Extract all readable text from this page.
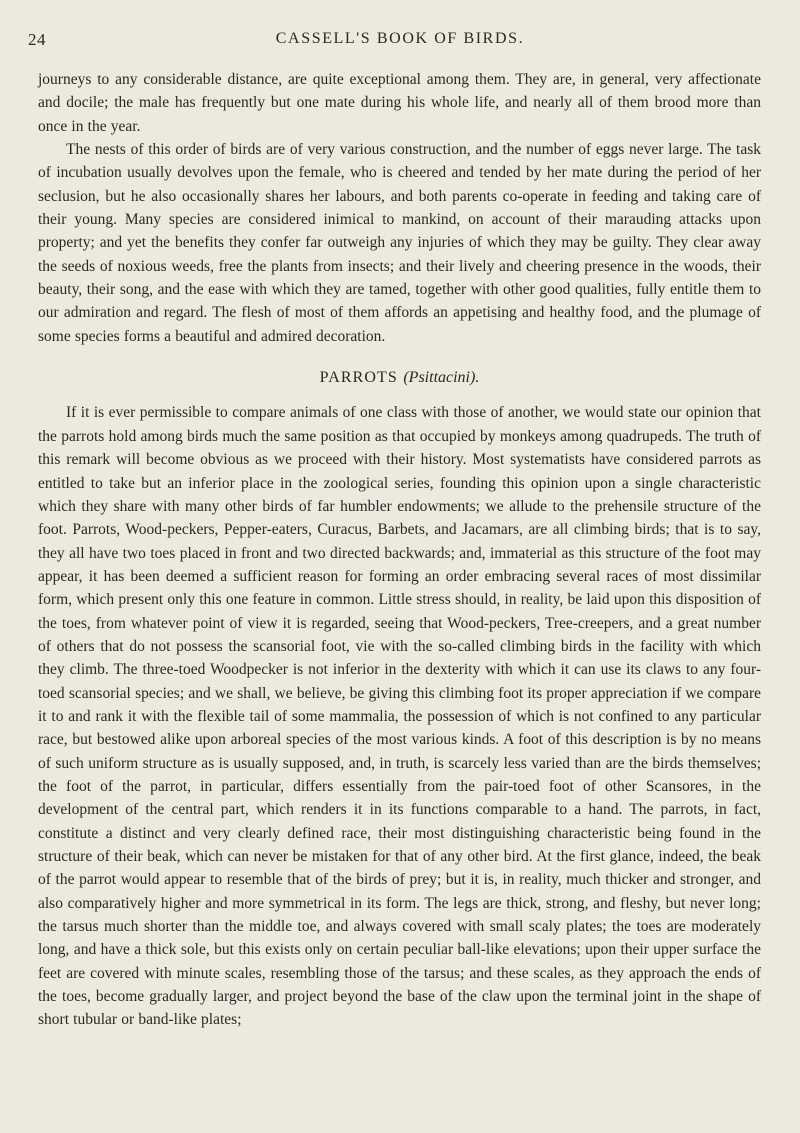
24	CASSELL'S BOOK OF BIRDS.

journeys to any considerable distance, are quite exceptional among them. They are, in general, very affectionate and docile; the male has frequently but one mate during his whole life, and nearly all of them brood more than once in the year.

The nests of this order of birds are of very various construction, and the number of eggs never large. The task of incubation usually devolves upon the female, who is cheered and tended by her mate during the period of her seclusion, but he also occasionally shares her labours, and both parents co-operate in feeding and taking care of their young. Many species are considered inimical to mankind, on account of their marauding attacks upon property; and yet the benefits they confer far outweigh any injuries of which they may be guilty. They clear away the seeds of noxious weeds, free the plants from insects; and their lively and cheering presence in the woods, their beauty, their song, and the ease with which they are tamed, together with other good qualities, fully entitle them to our admiration and regard. The flesh of most of them affords an appetising and healthy food, and the plumage of some species forms a beautiful and admired decoration.

PARROTS (Psittacini).

If it is ever permissible to compare animals of one class with those of another, we would state our opinion that the parrots hold among birds much the same position as that occupied by monkeys among quadrupeds. The truth of this remark will become obvious as we proceed with their history. Most systematists have considered parrots as entitled to take but an inferior place in the zoological series, founding this opinion upon a single characteristic which they share with many other birds of far humbler endowments; we allude to the prehensile structure of the foot. Parrots, Wood-peckers, Pepper-eaters, Curacus, Barbets, and Jacamars, are all climbing birds; that is to say, they all have two toes placed in front and two directed backwards; and, immaterial as this structure of the foot may appear, it has been deemed a sufficient reason for forming an order embracing several races of most dissimilar form, which present only this one feature in common. Little stress should, in reality, be laid upon this disposition of the toes, from whatever point of view it is regarded, seeing that Wood-peckers, Tree-creepers, and a great number of others that do not possess the scansorial foot, vie with the so-called climbing birds in the facility with which they climb. The three-toed Woodpecker is not inferior in the dexterity with which it can use its claws to any four-toed scansorial species; and we shall, we believe, be giving this climbing foot its proper appreciation if we compare it to and rank it with the flexible tail of some mammalia, the possession of which is not confined to any particular race, but bestowed alike upon arboreal species of the most various kinds. A foot of this description is by no means of such uniform structure as is usually supposed, and, in truth, is scarcely less varied than are the birds themselves; the foot of the parrot, in particular, differs essentially from the pair-toed foot of other Scansores, in the development of the central part, which renders it in its functions comparable to a hand. The parrots, in fact, constitute a distinct and very clearly defined race, their most distinguishing characteristic being found in the structure of their beak, which can never be mistaken for that of any other bird. At the first glance, indeed, the beak of the parrot would appear to resemble that of the birds of prey; but it is, in reality, much thicker and stronger, and also comparatively higher and more symmetrical in its form. The legs are thick, strong, and fleshy, but never long; the tarsus much shorter than the middle toe, and always covered with small scaly plates; the toes are moderately long, and have a thick sole, but this exists only on certain peculiar ball-like elevations; upon their upper surface the feet are covered with minute scales, resembling those of the tarsus; and these scales, as they approach the ends of the toes, become gradually larger, and project beyond the base of the claw upon the terminal joint in the shape of short tubular or band-like plates;
